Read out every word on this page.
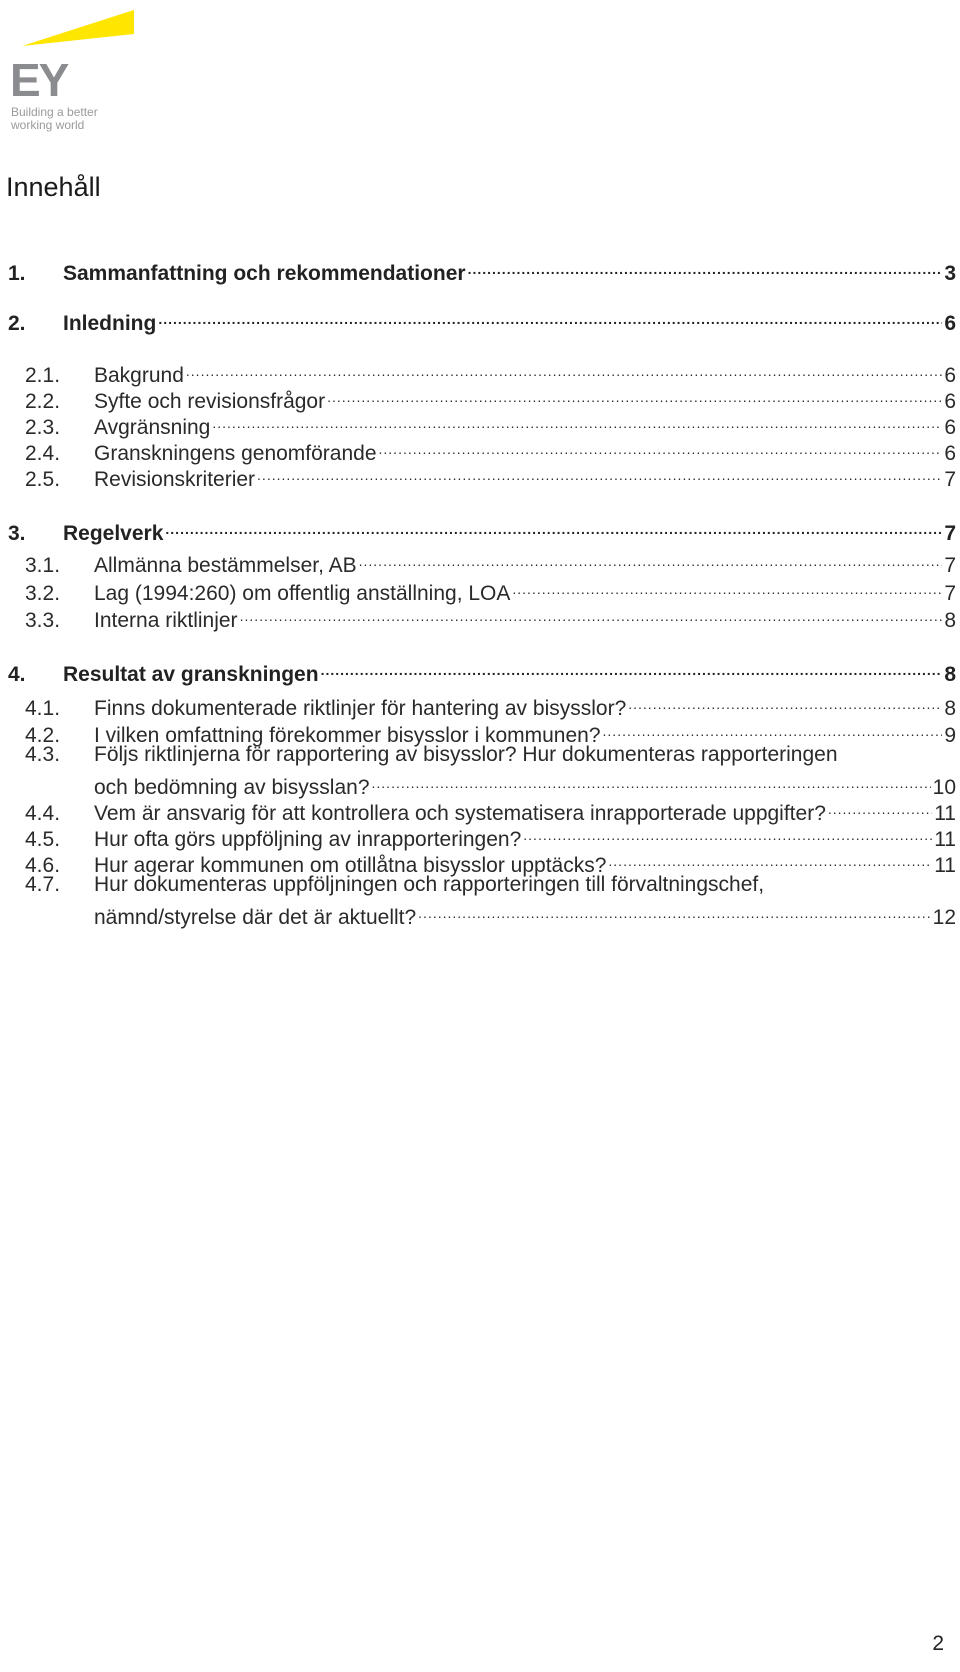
EY
Building a better
working world
Innehåll
1.	Sammanfattning och rekommendationer .....	3
2.	Inledning .....	6
2.1.	Bakgrund .....	6
2.2.	Syfte och revisionsfrågor .....	6
2.3.	Avgränsning .....	6
2.4.	Granskningens genomförande .....	6
2.5.	Revisionskriterier .....	7
3.	Regelverk .....	7
3.1.	Allmänna bestämmelser, AB .....	7
3.2.	Lag (1994:260) om offentlig anställning, LOA .....	7
3.3.	Interna riktlinjer .....	8
4.	Resultat av granskningen .....	8
4.1.	Finns dokumenterade riktlinjer för hantering av bisysslor? .....	8
4.2.	I vilken omfattning förekommer bisysslor i kommunen? .....	9
4.3. Följs riktlinjerna för rapportering av bisysslor? Hur dokumenteras rapporteringen
och bedömning av bisysslan? .....	10
4.4.	Vem är ansvarig för att kontrollera och systematisera inrapporterade uppgifter? .....	11
4.5.	Hur ofta görs uppföljning av inrapporteringen? .....	11
4.6.	Hur agerar kommunen om otillåtna bisysslor upptäcks? .....	11
4.7. Hur dokumenteras uppföljningen och rapporteringen till förvaltningschef,
nämnd/styrelse där det är aktuellt? .....	12
2
